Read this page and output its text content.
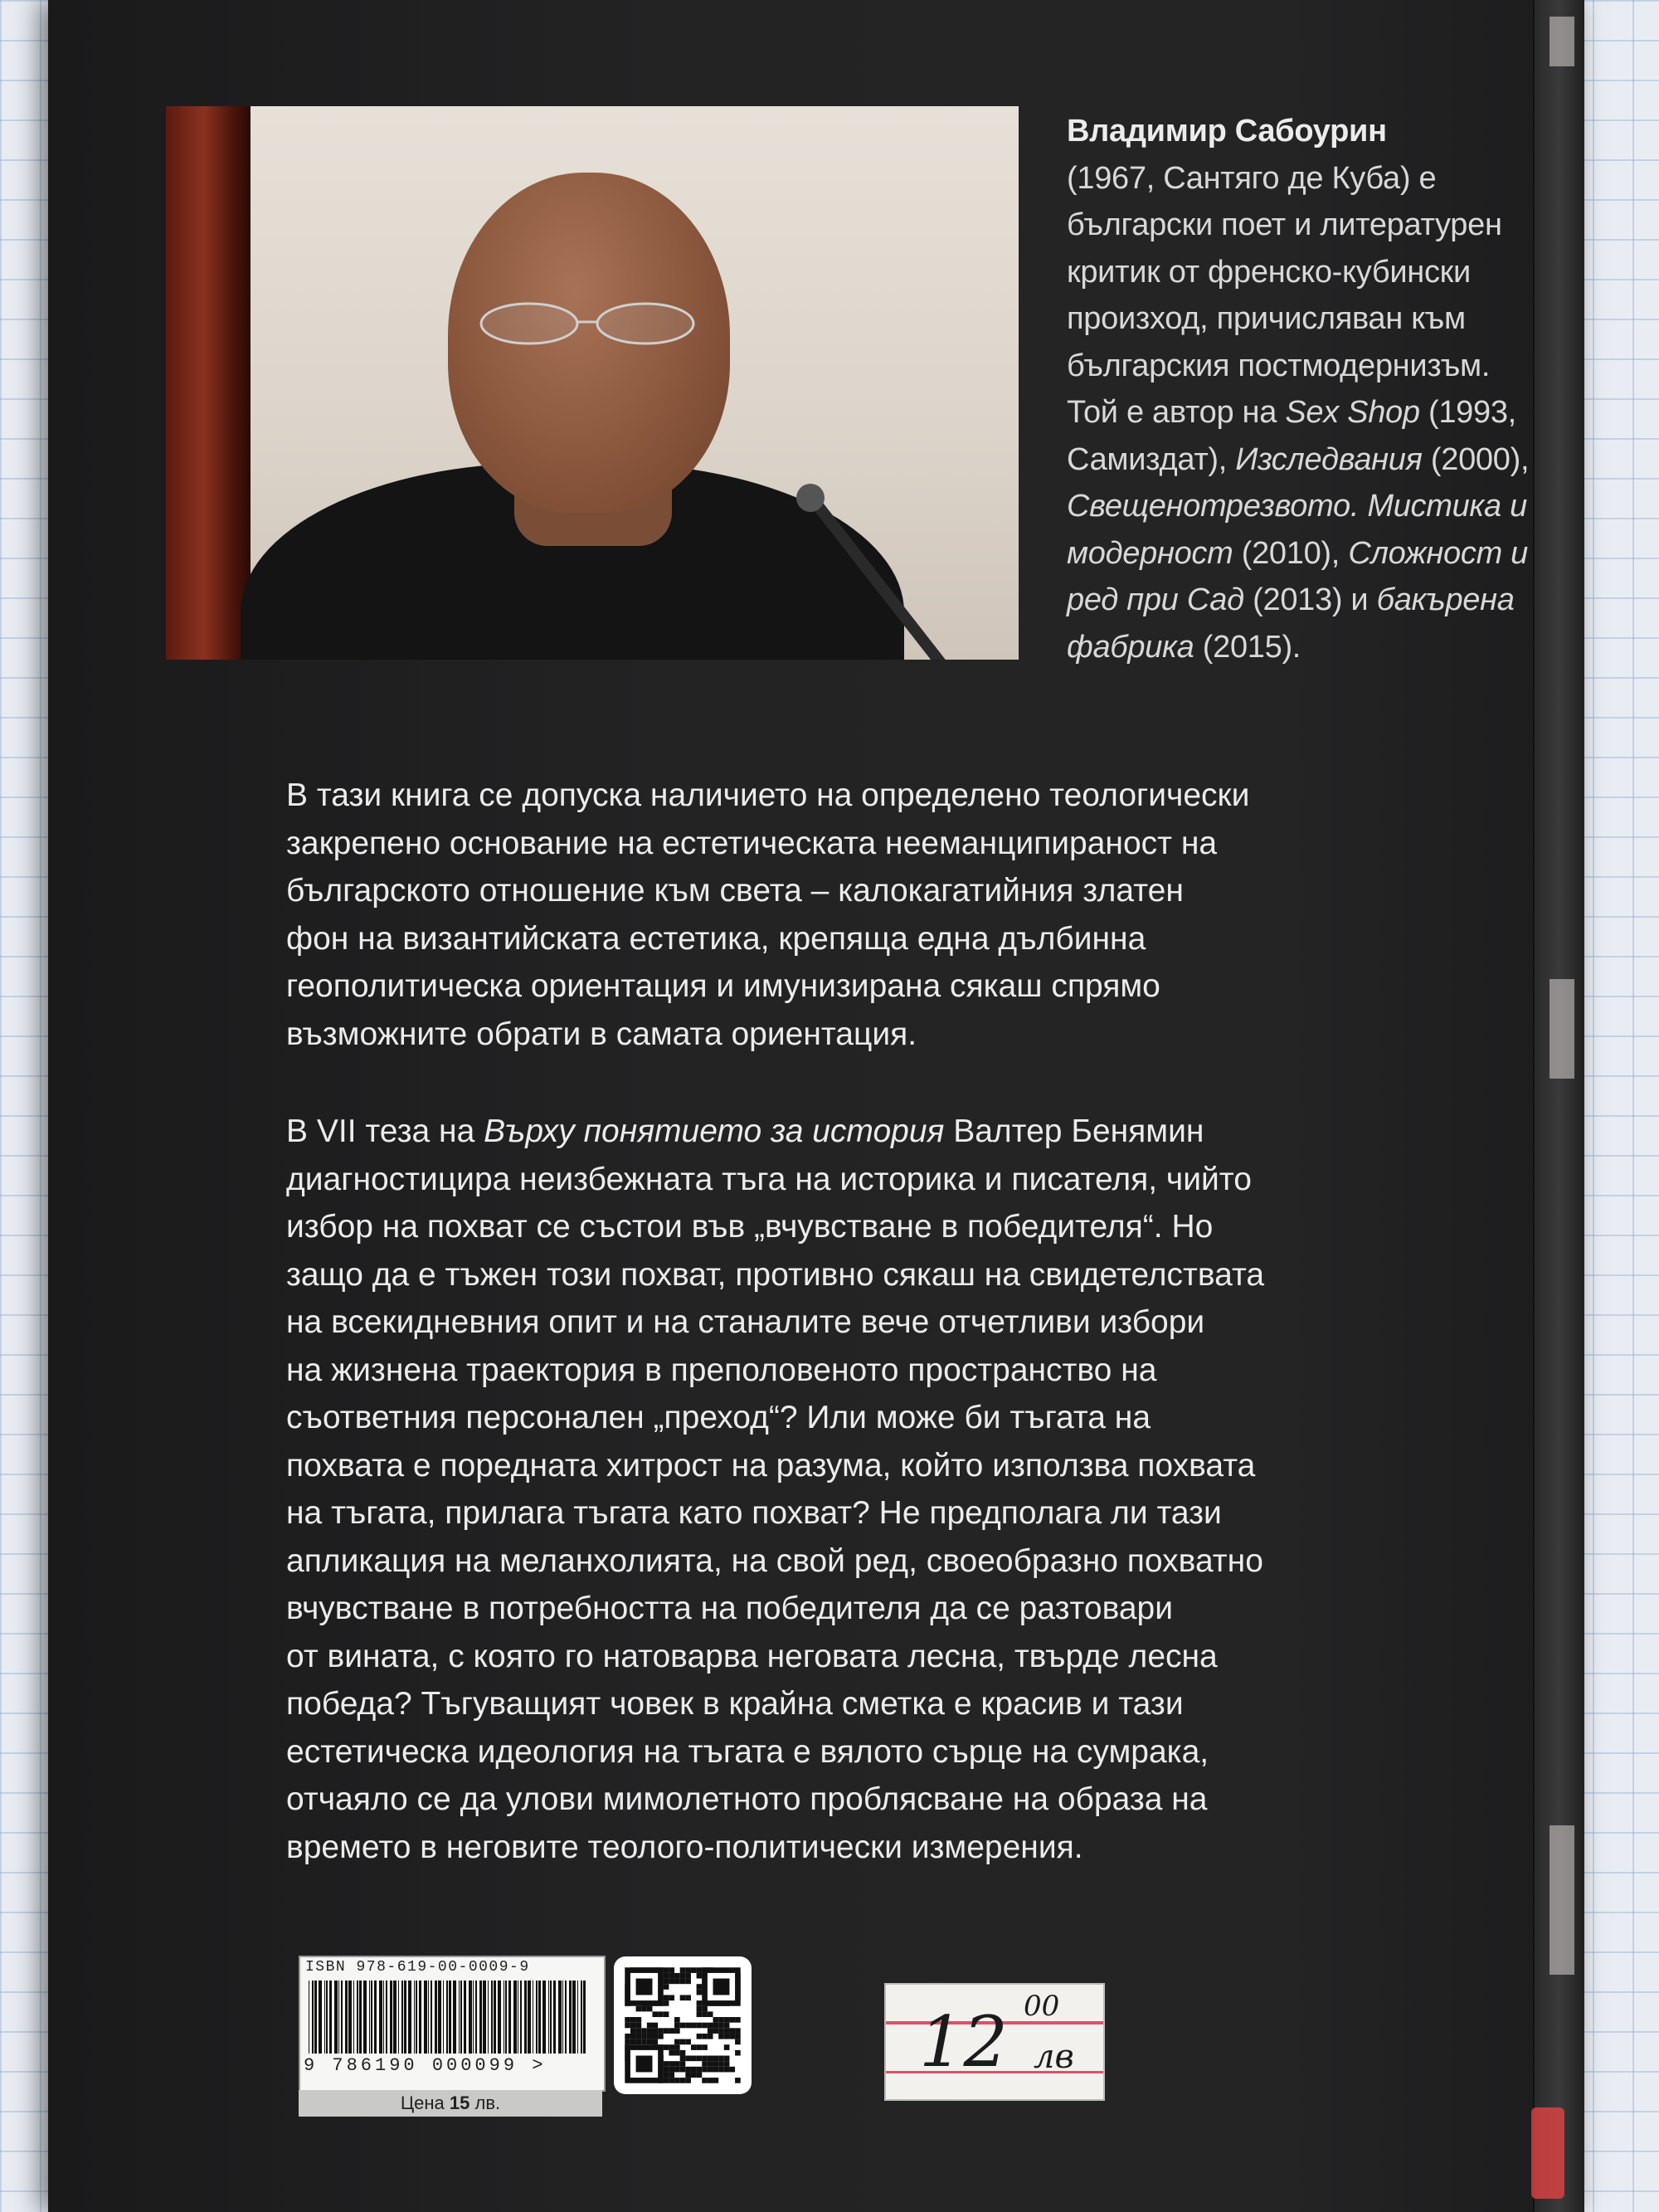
Владимир Сабоурин
(1967, Сантяго де Куба) е
български поет и литературен
критик от френско-кубински
произход, причисляван към
българския постмодернизъм.
Той е автор на Sex Shop (1993,
Самиздат), Изследвания (2000),
Свещенотрезвото. Мистика и
модерност (2010), Сложност и
ред при Сад (2013) и бакърена
фабрика (2015).
В тази книга се допуска наличието на определено теологически
закрепено основание на естетическата нееманципираност на
българското отношение към света – калокагатийния златен
фон на византийската естетика, крепяща една дълбинна
геополитическа ориентация и имунизирана сякаш спрямо
възможните обрати в самата ориентация.
В VII теза на Върху понятието за история Валтер Бенямин
диагностицира неизбежната тъга на историка и писателя, чийто
избор на похват се състои във „вчувстване в победителя“. Но
защо да е тъжен този похват, противно сякаш на свидетелствата
на всекидневния опит и на станалите вече отчетливи избори
на жизнена траектория в преполовеното пространство на
съответния персонален „преход“? Или може би тъгата на
похвата е поредната хитрост на разума, който използва похвата
на тъгата, прилага тъгата като похват? Не предполага ли тази
апликация на меланхолията, на свой ред, своеобразно похватно
вчувстване в потребността на победителя да се разтовари
от вината, с която го натоварва неговата лесна, твърде лесна
победа? Тъгуващият човек в крайна сметка е красив и тази
естетическа идеология на тъгата е вялото сърце на сумрака,
отчаяло се да улови мимолетното проблясване на образа на
времето в неговите теолого-политически измерения.
ISBN 978-619-00-0009-9
9 786190 000099 >
Цена 15 лв.
12 00
лв
